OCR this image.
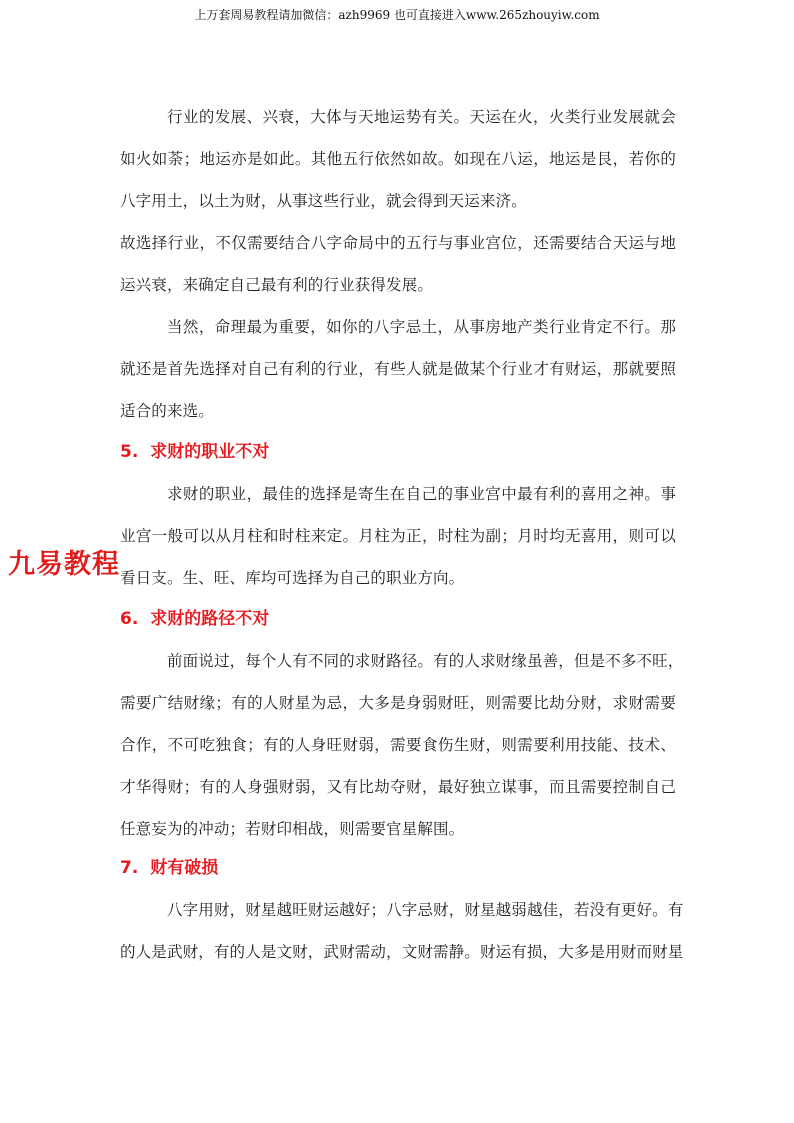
上万套周易教程请加微信：azh9969 也可直接进入www.265zhouyiw.com
行业的发展、兴衰，大体与天地运势有关。天运在火，火类行业发展就会
如火如荼；地运亦是如此。其他五行依然如故。如现在八运，地运是艮，若你的
八字用土，以土为财，从事这些行业，就会得到天运来济。
故选择行业，不仅需要结合八字命局中的五行与事业宫位，还需要结合天运与地
运兴衰，来确定自己最有利的行业获得发展。
当然，命理最为重要，如你的八字忌土，从事房地产类行业肯定不行。那
就还是首先选择对自己有利的行业，有些人就是做某个行业才有财运，那就要照
适合的来选。
5. 求财的职业不对
求财的职业，最佳的选择是寄生在自己的事业宫中最有利的喜用之神。事
业宫一般可以从月柱和时柱来定。月柱为正，时柱为副；月时均无喜用，则可以
看日支。生、旺、库均可选择为自己的职业方向。
6. 求财的路径不对
前面说过，每个人有不同的求财路径。有的人求财缘虽善，但是不多不旺，
需要广结财缘；有的人财星为忌，大多是身弱财旺，则需要比劫分财，求财需要
合作，不可吃独食；有的人身旺财弱，需要食伤生财，则需要利用技能、技术、
才华得财；有的人身强财弱，又有比劫夺财，最好独立谋事，而且需要控制自己
任意妄为的冲动；若财印相战，则需要官星解围。
7. 财有破损
八字用财，财星越旺财运越好；八字忌财，财星越弱越佳，若没有更好。有
的人是武财，有的人是文财，武财需动，文财需静。财运有损，大多是用财而财星
九易教程
